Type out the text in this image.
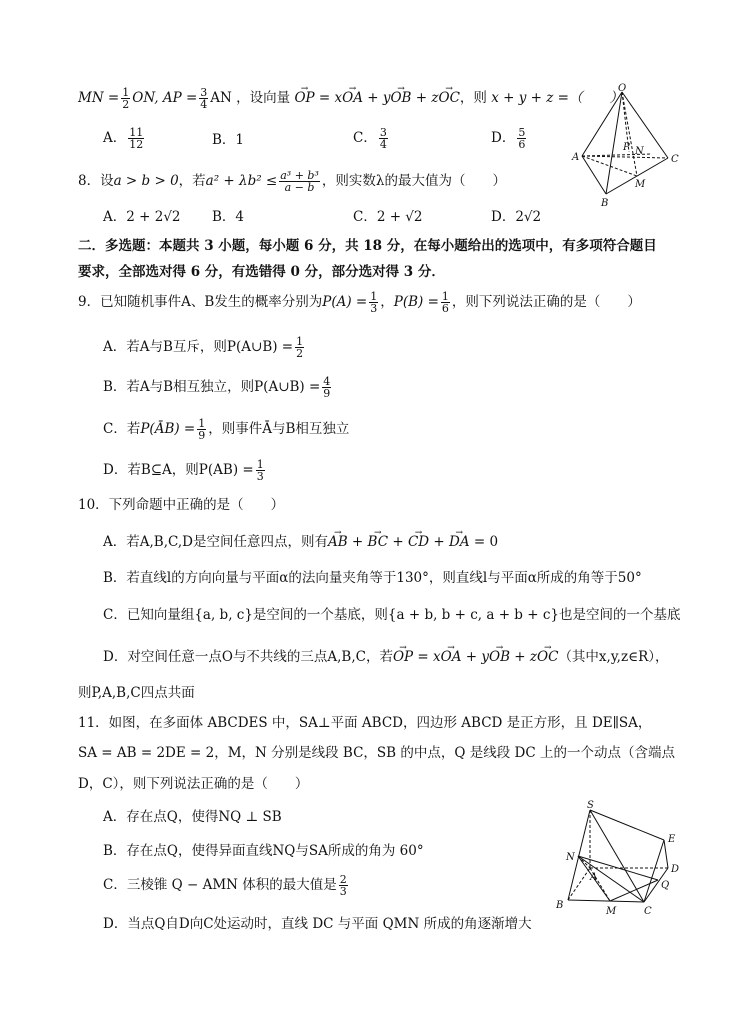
MN = $\frac{1}{2}$ ON, AP = $\frac{3}{4}$ AN ，设向量 → OP = x→ OA + y→ OB + z→ OC，则 x + y + z =（　　）
A． $\frac{11}{12}$	B．1	C． $\frac{3}{4}$	D． $\frac{5}{6}$
O
A
B
C
N
M
P
8．设a > b > 0，若$a^2 + \lambda b^2 \le \frac{\text{a³ + b³}}{a - b}$ ，则实数λ的最大值为（　　）
A．2 + 2√2 B．4	C．2 + √2	D．2√2
二．多选题：本题共 3 小题，每小题 6 分，共 18 分，在每小题给出的选项中，有多项符合题目
要求，全部选对得 6 分，有选错得 0 分，部分选对得 3 分．
9．已知随机事件A、B发生的概率分别为$P(A) = \frac{1}{3}$ ，$P(B) = \frac{1}{6}$ ，则下列说法正确的是（　　）
A．若A与B互斥，则P(A∪B) = $\frac{1}{2}$
B．若A与B相互独立，则P(A∪B) = $\frac{4}{9}$
C．若P(ĀB) = $\frac{1}{9}$ ，则事件Ā与B相互独立
D．若B⊆A，则$P(AB) = \frac{1}{3}$
10．下列命题中正确的是（　　）
A．若A,B,C,D是空间任意四点，则有→ AB + → BC + → CD + → DA = 0
B．若直线l的方向向量与平面α的法向量夹角等于130°，则直线l与平面α所成的角等于50°
C．已知向量组{a, b, c}是空间的一个基底，则{a + b, b + c, a + b + c}也是空间的一个基底
D．对空间任意一点O与不共线的三点A,B,C，若→ OP = x→ OA + y→ OB + z→ OC（其中x,y,z∈R），
则P,A,B,C四点共面
11．如图，在多面体 ABCDES 中，SA⊥平面 ABCD，四边形 ABCD 是正方形，且 DE∥SA，
SA = AB = 2DE = 2，M，N 分别是线段 BC，SB 的中点，Q 是线段 DC 上的一个动点（含端点
D，C），则下列说法正确的是（　　）
A．存在点Q，使得NQ ⊥ SB
B．存在点Q，使得异面直线NQ与SA所成的角为 60°
C．三棱锥 Q − AMN 体积的最大值是 $\frac{2}{3}$
D．当点Q自D向C处运动时，直线 DC 与平面 QMN 所成的角逐渐增大
S
E
N
A
D
Q
B
M	C
